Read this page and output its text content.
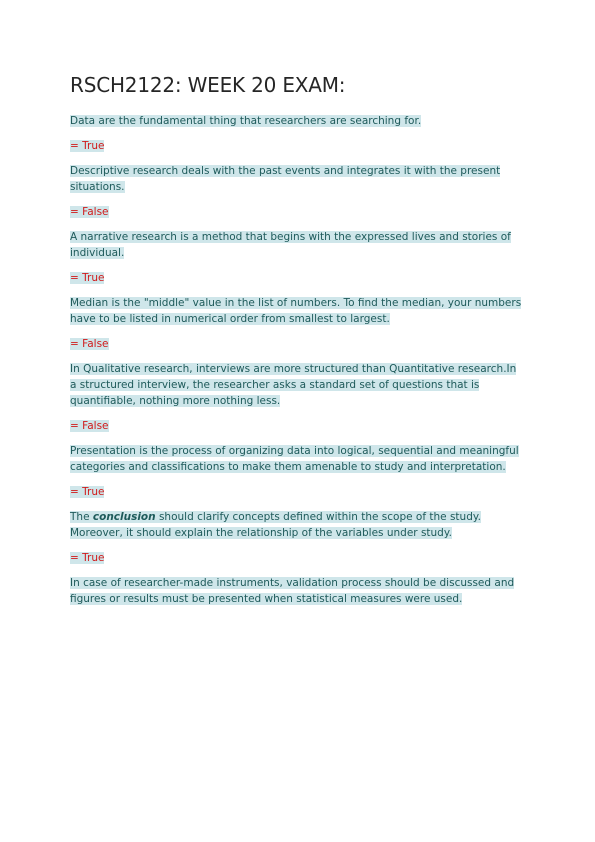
RSCH2122: WEEK 20 EXAM:

Data are the fundamental thing that researchers are searching for.

= True

Descriptive research deals with the past events and integrates it with the present situations.

= False

A narrative research is a method that begins with the expressed lives and stories of individual.

= True

Median is the "middle" value in the list of numbers. To find the median, your numbers have to be listed in numerical order from smallest to largest.

= False

In Qualitative research, interviews are more structured than Quantitative research.In a structured interview, the researcher asks a standard set of questions that is quantifiable, nothing more nothing less.

= False

Presentation is the process of organizing data into logical, sequential and meaningful categories and classifications to make them amenable to study and interpretation.

= True

The conclusion should clarify concepts defined within the scope of the study. Moreover, it should explain the relationship of the variables under study.

= True

In case of researcher-made instruments, validation process should be discussed and figures or results must be presented when statistical measures were used.
